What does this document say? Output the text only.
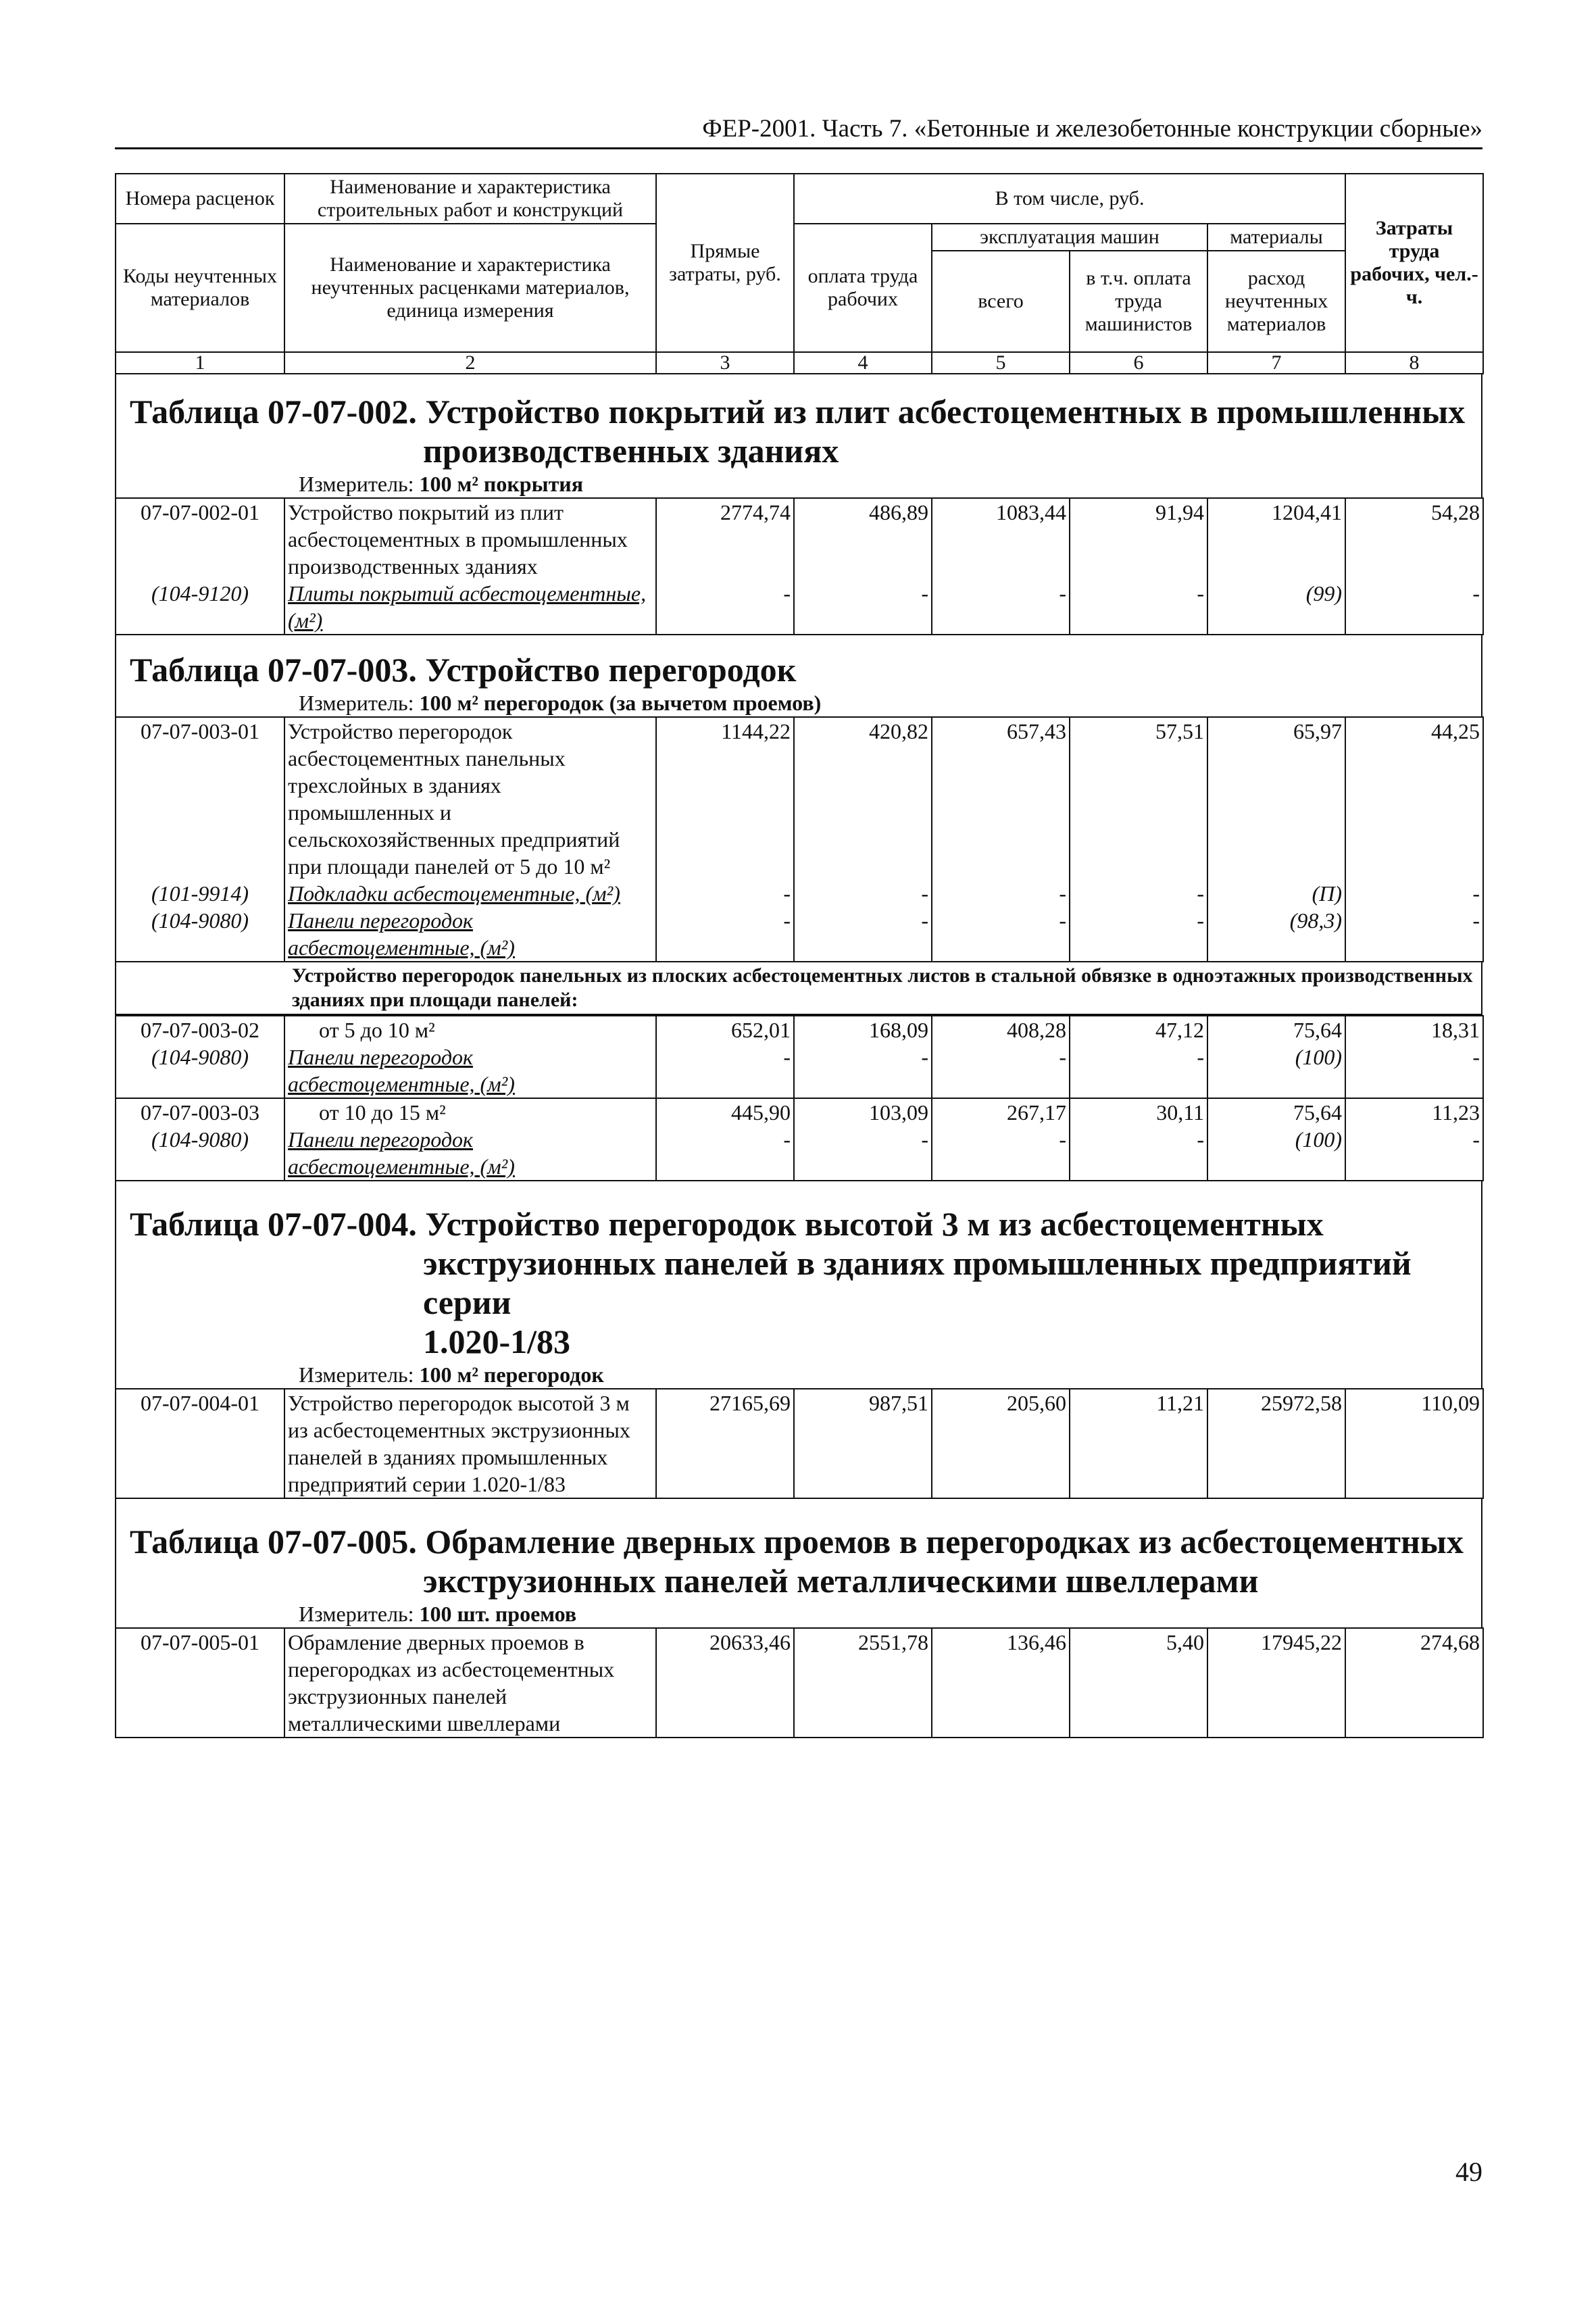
ФЕР-2001. Часть 7. «Бетонные и железобетонные конструкции сборные»
Номера расценок	Наименование и характеристика строительных работ и конструкций	Прямые затраты, руб.	В том числе, руб.				Затраты труда рабочих, чел.-ч.
Коды неучтенных материалов	Наименование и характеристика неучтенных расценками материалов, единица измерения		оплата труда рабочих	эксплуатация машин		материалы	
				всего	в т.ч. оплата труда машинистов	расход неучтенных материалов	
1	2	3	4	5	6	7	8
Таблица 07-07-002. Устройство покрытий из плит асбестоцементных в промышленных
производственных зданиях
Измеритель: 100 м² покрытия
07-07-002-01	Устройство покрытий из плит асбестоцементных в промышленных производственных зданиях	2774,74	486,89	1083,44	91,94	1204,41	54,28
(104-9120)	Плиты покрытий асбестоцементные, (м²)	-	-	-	-	(99)	-
Таблица 07-07-003. Устройство перегородок
Измеритель: 100 м² перегородок (за вычетом проемов)
07-07-003-01	Устройство перегородок асбестоцементных панельных трехслойных в зданиях промышленных и сельскохозяйственных предприятий при площади панелей от 5 до 10 м²	1144,22	420,82	657,43	57,51	65,97	44,25
(101-9914)	Подкладки асбестоцементные, (м²)	-	-	-	-	(П)	-
(104-9080)	Панели перегородок асбестоцементные, (м²)	-	-	-	-	(98,3)	-
Устройство перегородок панельных из плоских асбестоцементных листов в стальной обвязке в одноэтажных производственных зданиях при площади панелей:
07-07-003-02	от 5 до 10 м²	652,01	168,09	408,28	47,12	75,64	18,31
(104-9080)	Панели перегородок асбестоцементные, (м²)	-	-	-	-	(100)	-
07-07-003-03	от 10 до 15 м²	445,90	103,09	267,17	30,11	75,64	11,23
(104-9080)	Панели перегородок асбестоцементные, (м²)	-	-	-	-	(100)	-
Таблица 07-07-004. Устройство перегородок высотой 3 м из асбестоцементных
экструзионных панелей в зданиях промышленных предприятий серии
1.020-1/83
Измеритель: 100 м² перегородок
07-07-004-01	Устройство перегородок высотой 3 м из асбестоцементных экструзионных панелей в зданиях промышленных предприятий серии 1.020-1/83	27165,69	987,51	205,60	11,21	25972,58	110,09
Таблица 07-07-005. Обрамление дверных проемов в перегородках из асбестоцементных
экструзионных панелей металлическими швеллерами
Измеритель: 100 шт. проемов
07-07-005-01	Обрамление дверных проемов в перегородках из асбестоцементных экструзионных панелей металлическими швеллерами	20633,46	2551,78	136,46	5,40	17945,22	274,68
49
